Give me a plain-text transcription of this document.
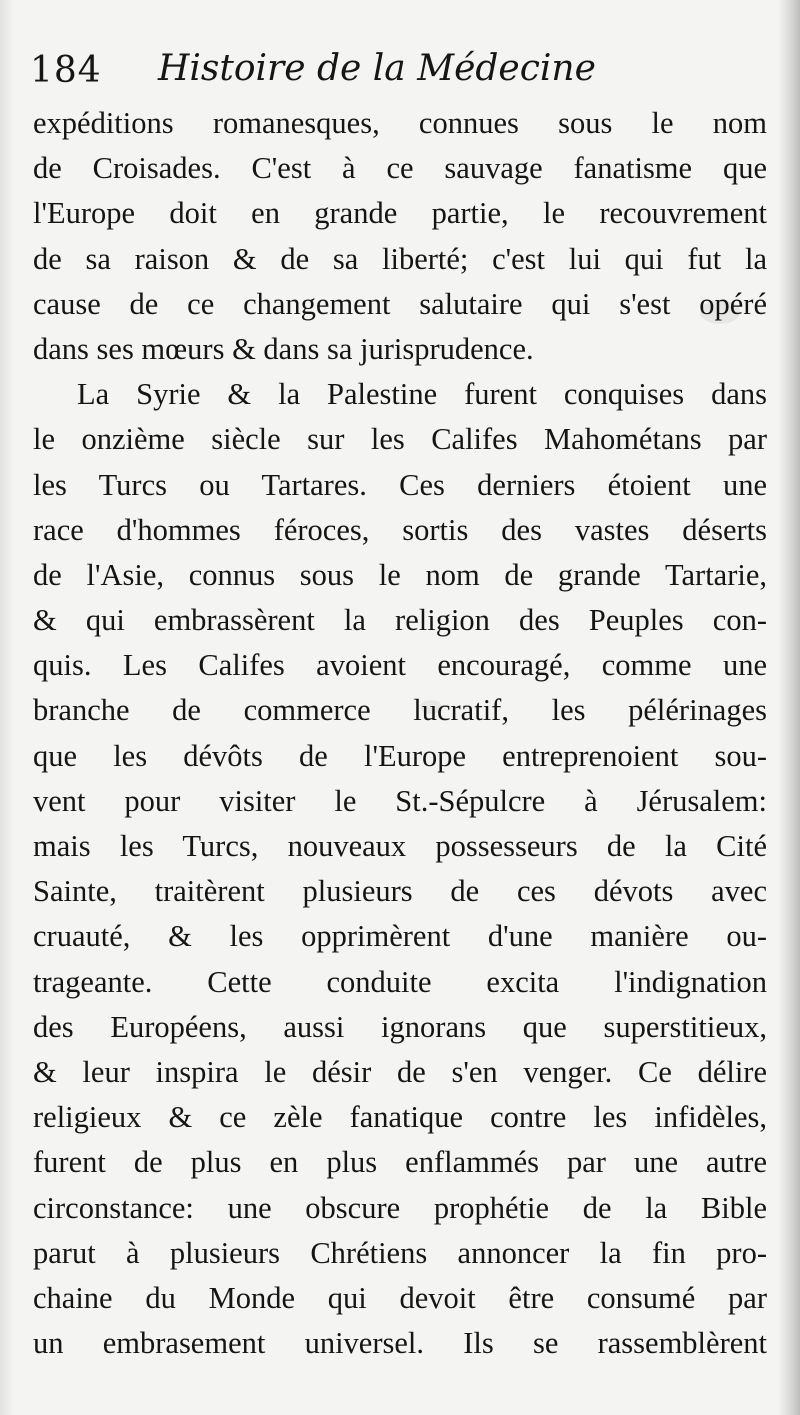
184 Histoire de la Médecine
expéditions romanesques, connues sous le nom
de Croisades. C'est à ce sauvage fanatisme que
l'Europe doit en grande partie, le recouvrement
de sa raison & de sa liberté; c'est lui qui fut la
cause de ce changement salutaire qui s'est opéré
dans ses mœurs & dans sa jurisprudence.
La Syrie & la Palestine furent conquises dans
le onzième siècle sur les Califes Mahométans par
les Turcs ou Tartares. Ces derniers étoient une
race d'hommes féroces, sortis des vastes déserts
de l'Asie, connus sous le nom de grande Tartarie,
& qui embrassèrent la religion des Peuples con-
quis. Les Califes avoient encouragé, comme une
branche de commerce lucratif, les pélérinages
que les dévôts de l'Europe entreprenoient sou-
vent pour visiter le St.-Sépulcre à Jérusalem:
mais les Turcs, nouveaux possesseurs de la Cité
Sainte, traitèrent plusieurs de ces dévots avec
cruauté, & les opprimèrent d'une manière ou-
trageante. Cette conduite excita l'indignation
des Européens, aussi ignorans que superstitieux,
& leur inspira le désir de s'en venger. Ce délire
religieux & ce zèle fanatique contre les infidèles,
furent de plus en plus enflammés par une autre
circonstance: une obscure prophétie de la Bible
parut à plusieurs Chrétiens annoncer la fin pro-
chaine du Monde qui devoit être consumé par
un embrasement universel. Ils se rassemblèrent
